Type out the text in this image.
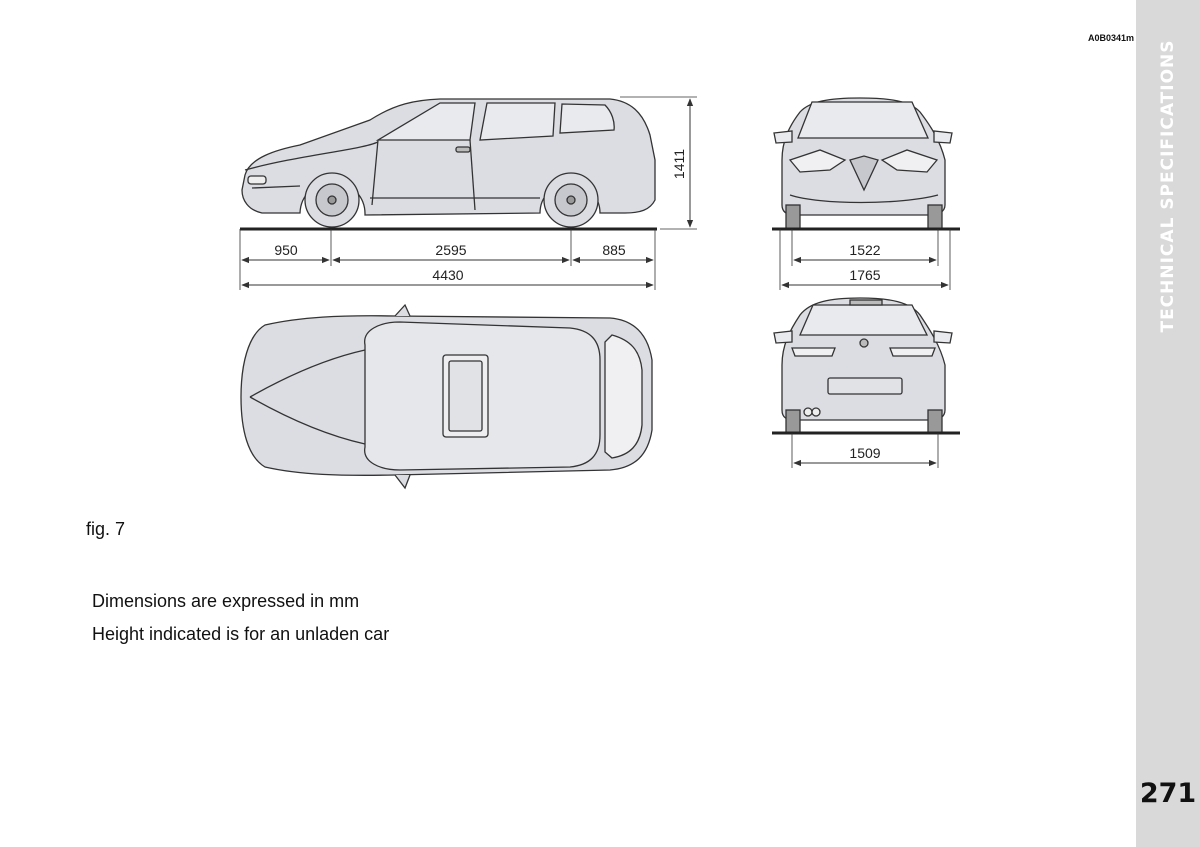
A0B0341m
950	2595	885
4430
1411
1522
1765
1509
fig. 7
Dimensions are expressed in mm
Height indicated is for an unladen car
TECHNICAL SPECIFICATIONS
271
